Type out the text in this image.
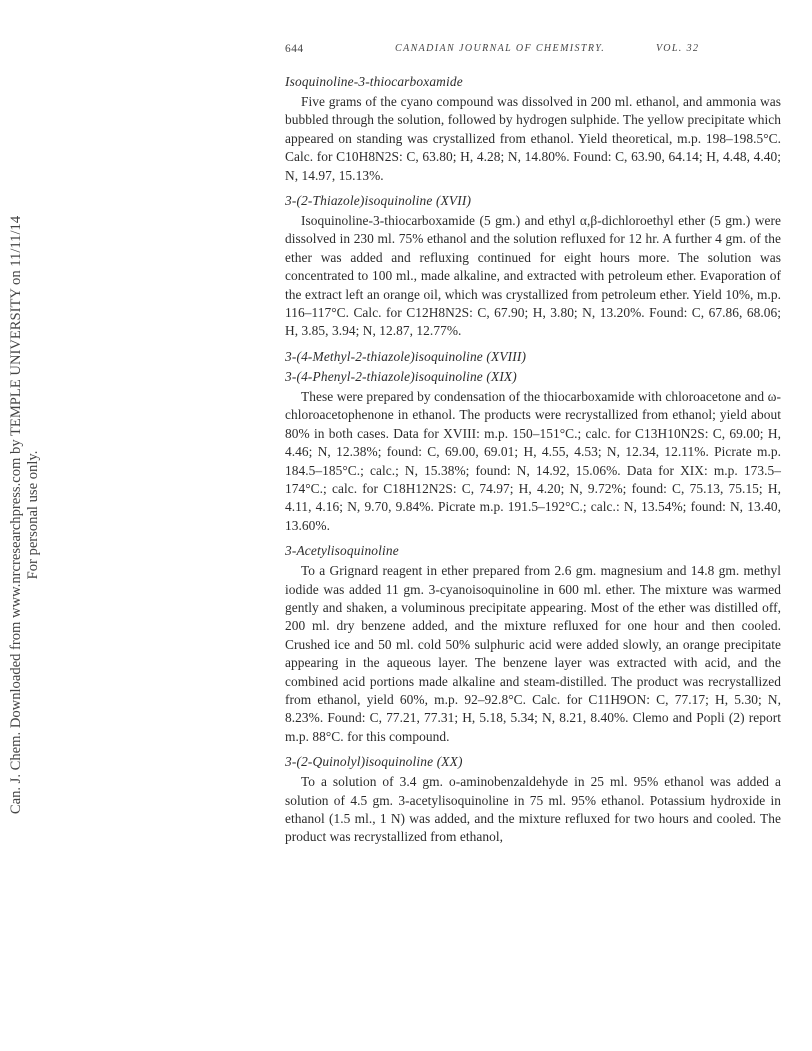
Can. J. Chem. Downloaded from www.nrcresearchpress.com by TEMPLE UNIVERSITY on 11/11/14 For personal use only.
644	CANADIAN JOURNAL OF CHEMISTRY.	VOL. 32
Isoquinoline-3-thiocarboxamide

Five grams of the cyano compound was dissolved in 200 ml. ethanol, and ammonia was bubbled through the solution, followed by hydrogen sulphide. The yellow precipitate which appeared on standing was crystallized from ethanol. Yield theoretical, m.p. 198–198.5°C. Calc. for C10H8N2S: C, 63.80; H, 4.28; N, 14.80%. Found: C, 63.90, 64.14; H, 4.48, 4.40; N, 14.97, 15.13%.

3-(2-Thiazole)isoquinoline (XVII)

Isoquinoline-3-thiocarboxamide (5 gm.) and ethyl α,β-dichloroethyl ether (5 gm.) were dissolved in 230 ml. 75% ethanol and the solution refluxed for 12 hr. A further 4 gm. of the ether was added and refluxing continued for eight hours more. The solution was concentrated to 100 ml., made alkaline, and extracted with petroleum ether. Evaporation of the extract left an orange oil, which was crystallized from petroleum ether. Yield 10%, m.p. 116–117°C. Calc. for C12H8N2S: C, 67.90; H, 3.80; N, 13.20%. Found: C, 67.86, 68.06; H, 3.85, 3.94; N, 12.87, 12.77%.

3-(4-Methyl-2-thiazole)isoquinoline (XVIII)
3-(4-Phenyl-2-thiazole)isoquinoline (XIX)

These were prepared by condensation of the thiocarboxamide with chloroacetone and ω-chloroacetophenone in ethanol. The products were recrystallized from ethanol; yield about 80% in both cases. Data for XVIII: m.p. 150–151°C.; calc. for C13H10N2S: C, 69.00; H, 4.46; N, 12.38%; found: C, 69.00, 69.01; H, 4.55, 4.53; N, 12.34, 12.11%. Picrate m.p. 184.5–185°C.; calc.; N, 15.38%; found: N, 14.92, 15.06%. Data for XIX: m.p. 173.5–174°C.; calc. for C18H12N2S: C, 74.97; H, 4.20; N, 9.72%; found: C, 75.13, 75.15; H, 4.11, 4.16; N, 9.70, 9.84%. Picrate m.p. 191.5–192°C.; calc.: N, 13.54%; found: N, 13.40, 13.60%.

3-Acetylisoquinoline

To a Grignard reagent in ether prepared from 2.6 gm. magnesium and 14.8 gm. methyl iodide was added 11 gm. 3-cyanoisoquinoline in 600 ml. ether. The mixture was warmed gently and shaken, a voluminous precipitate appearing. Most of the ether was distilled off, 200 ml. dry benzene added, and the mixture refluxed for one hour and then cooled. Crushed ice and 50 ml. cold 50% sulphuric acid were added slowly, an orange precipitate appearing in the aqueous layer. The benzene layer was extracted with acid, and the combined acid portions made alkaline and steam-distilled. The product was recrystallized from ethanol, yield 60%, m.p. 92–92.8°C. Calc. for C11H9ON: C, 77.17; H, 5.30; N, 8.23%. Found: C, 77.21, 77.31; H, 5.18, 5.34; N, 8.21, 8.40%. Clemo and Popli (2) report m.p. 88°C. for this compound.

3-(2-Quinolyl)isoquinoline (XX)

To a solution of 3.4 gm. o-aminobenzaldehyde in 25 ml. 95% ethanol was added a solution of 4.5 gm. 3-acetylisoquinoline in 75 ml. 95% ethanol. Potassium hydroxide in ethanol (1.5 ml., 1 N) was added, and the mixture refluxed for two hours and cooled. The product was recrystallized from ethanol,
